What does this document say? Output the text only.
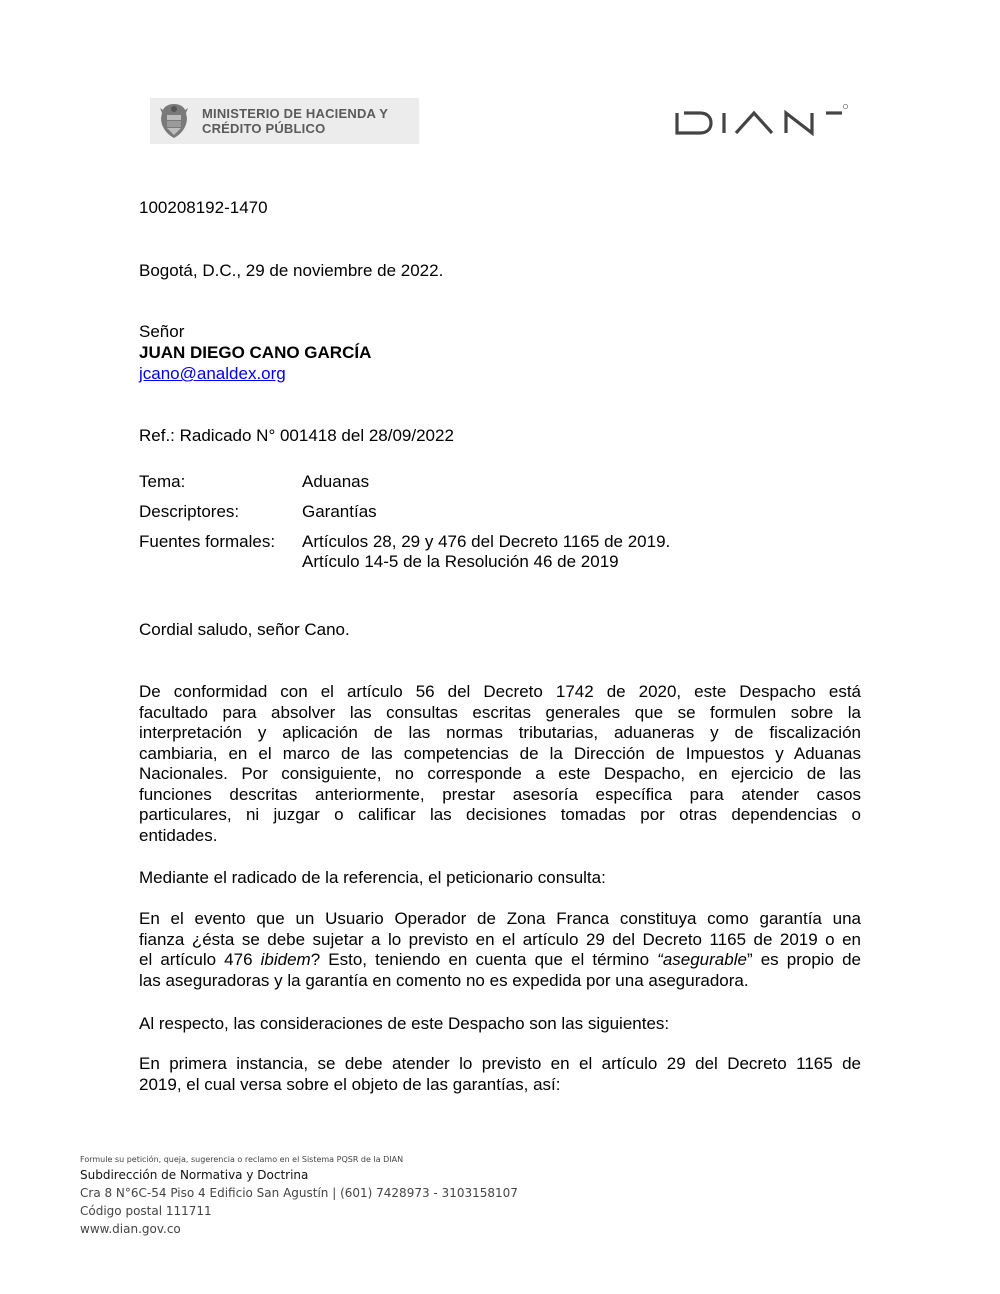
MINISTERIO DE HACIENDA Y
CRÉDITO PÚBLICO
100208192-1470
Bogotá, D.C., 29 de noviembre de 2022.
Señor
JUAN DIEGO CANO GARCÍA
jcano@analdex.org
Ref.: Radicado N° 001418 del 28/09/2022
Tema:	Aduanas
Descriptores:	Garantías
Fuentes formales: Artículos 28, 29 y 476 del Decreto 1165 de 2019.
Artículo 14-5 de la Resolución 46 de 2019
Cordial saludo, señor Cano.
De conformidad con el artículo 56 del Decreto 1742 de 2020, este Despacho está
facultado para absolver las consultas escritas generales que se formulen sobre la
interpretación y aplicación de las normas tributarias, aduaneras y de fiscalización
cambiaria, en el marco de las competencias de la Dirección de Impuestos y Aduanas
Nacionales. Por consiguiente, no corresponde a este Despacho, en ejercicio de las
funciones descritas anteriormente, prestar asesoría específica para atender casos
particulares, ni juzgar o calificar las decisiones tomadas por otras dependencias o
entidades.
Mediante el radicado de la referencia, el peticionario consulta:
En el evento que un Usuario Operador de Zona Franca constituya como garantía una
fianza ¿ésta se debe sujetar a lo previsto en el artículo 29 del Decreto 1165 de 2019 o en
el artículo 476 ibidem? Esto, teniendo en cuenta que el término “asegurable” es propio de
las aseguradoras y la garantía en comento no es expedida por una aseguradora.
Al respecto, las consideraciones de este Despacho son las siguientes:
En primera instancia, se debe atender lo previsto en el artículo 29 del Decreto 1165 de
2019, el cual versa sobre el objeto de las garantías, así:
Formule su petición, queja, sugerencia o reclamo en el Sistema PQSR de la DIAN
Subdirección de Normativa y Doctrina
Cra 8 N°6C-54 Piso 4 Edificio San Agustín | (601) 7428973 - 3103158107
Código postal 111711
www.dian.gov.co
